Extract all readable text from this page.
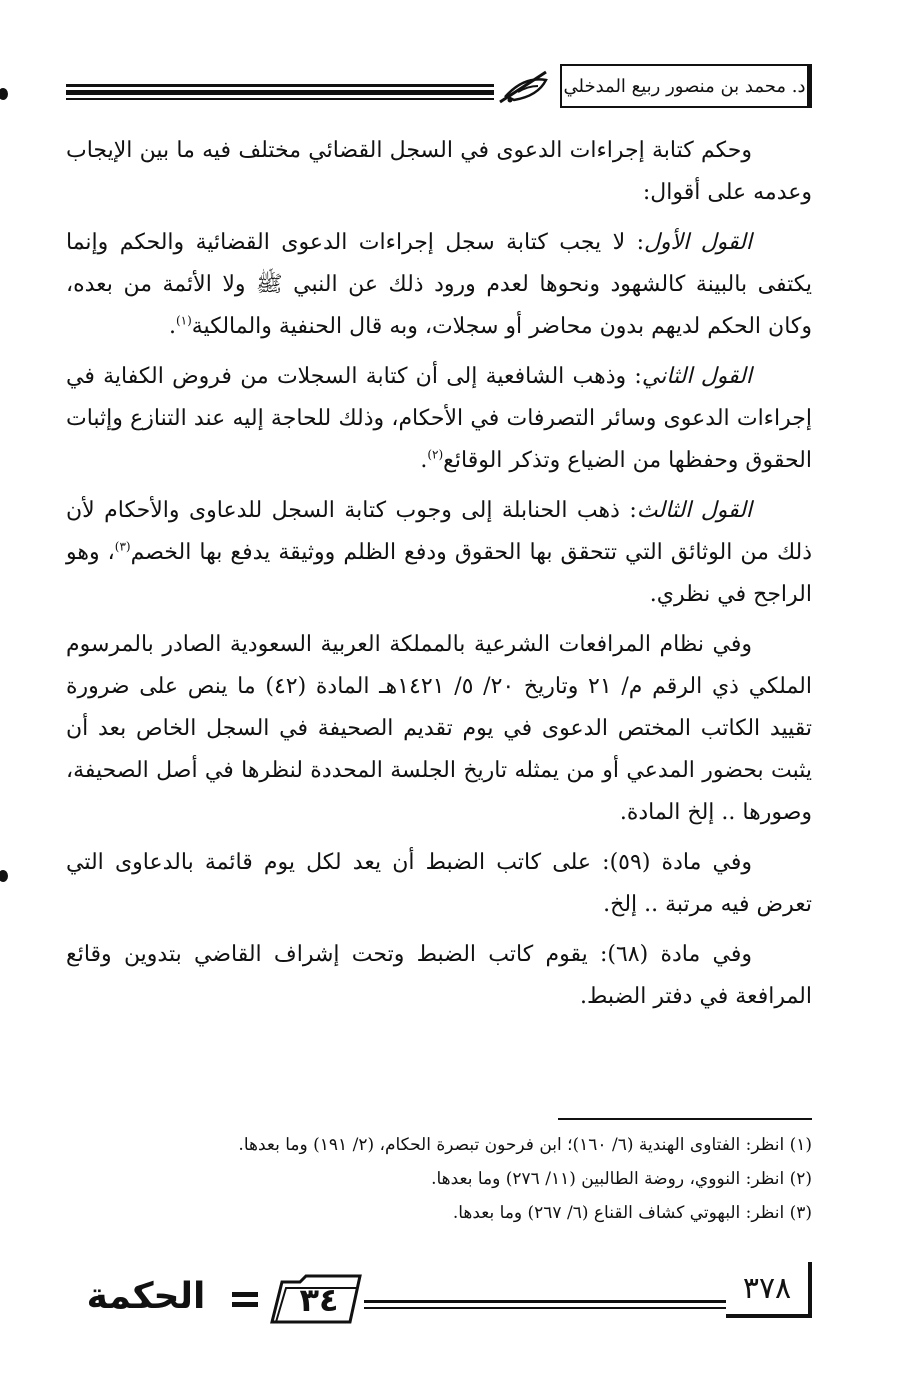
د. محمد بن منصور ربيع المدخلي

وحكم كتابة إجراءات الدعوى في السجل القضائي مختلف فيه ما بين الإيجاب وعدمه على أقوال:

القول الأول: لا يجب كتابة سجل إجراءات الدعوى القضائية والحكم وإنما يكتفى بالبينة كالشهود ونحوها لعدم ورود ذلك عن النبي ﷺ ولا الأئمة من بعده، وكان الحكم لديهم بدون محاضر أو سجلات، وبه قال الحنفية والمالكية$^{(١)}$.

القول الثاني: وذهب الشافعية إلى أن كتابة السجلات من فروض الكفاية في إجراءات الدعوى وسائر التصرفات في الأحكام، وذلك للحاجة إليه عند التنازع وإثبات الحقوق وحفظها من الضياع وتذكر الوقائع$^{(٢)}$.

القول الثالث: ذهب الحنابلة إلى وجوب كتابة السجل للدعاوى والأحكام لأن ذلك من الوثائق التي تتحقق بها الحقوق ودفع الظلم ووثيقة يدفع بها الخصم$^{(٣)}$، وهو الراجح في نظري.

وفي نظام المرافعات الشرعية بالمملكة العربية السعودية الصادر بالمرسوم الملكي ذي الرقم م/ ٢١ وتاريخ ٢٠/ ٥/ ١٤٢١هـ المادة (٤٢) ما ينص على ضرورة تقييد الكاتب المختص الدعوى في يوم تقديم الصحيفة في السجل الخاص بعد أن يثبت بحضور المدعي أو من يمثله تاريخ الجلسة المحددة لنظرها في أصل الصحيفة، وصورها .. إلخ المادة.

وفي مادة (٥٩): على كاتب الضبط أن يعد لكل يوم قائمة بالدعاوى التي تعرض فيه مرتبة .. إلخ.

وفي مادة (٦٨): يقوم كاتب الضبط وتحت إشراف القاضي بتدوين وقائع المرافعة في دفتر الضبط.

(١) انظر: الفتاوى الهندية (٦/ ١٦٠)؛ ابن فرحون تبصرة الحكام، (٢/ ١٩١) وما بعدها.

(٢) انظر: النووي، روضة الطالبين (١١/ ٢٧٦) وما بعدها.

(٣) انظر: البهوتي كشاف القناع (٦/ ٢٦٧) وما بعدها.

الحكمة	٣٤	٣٧٨
